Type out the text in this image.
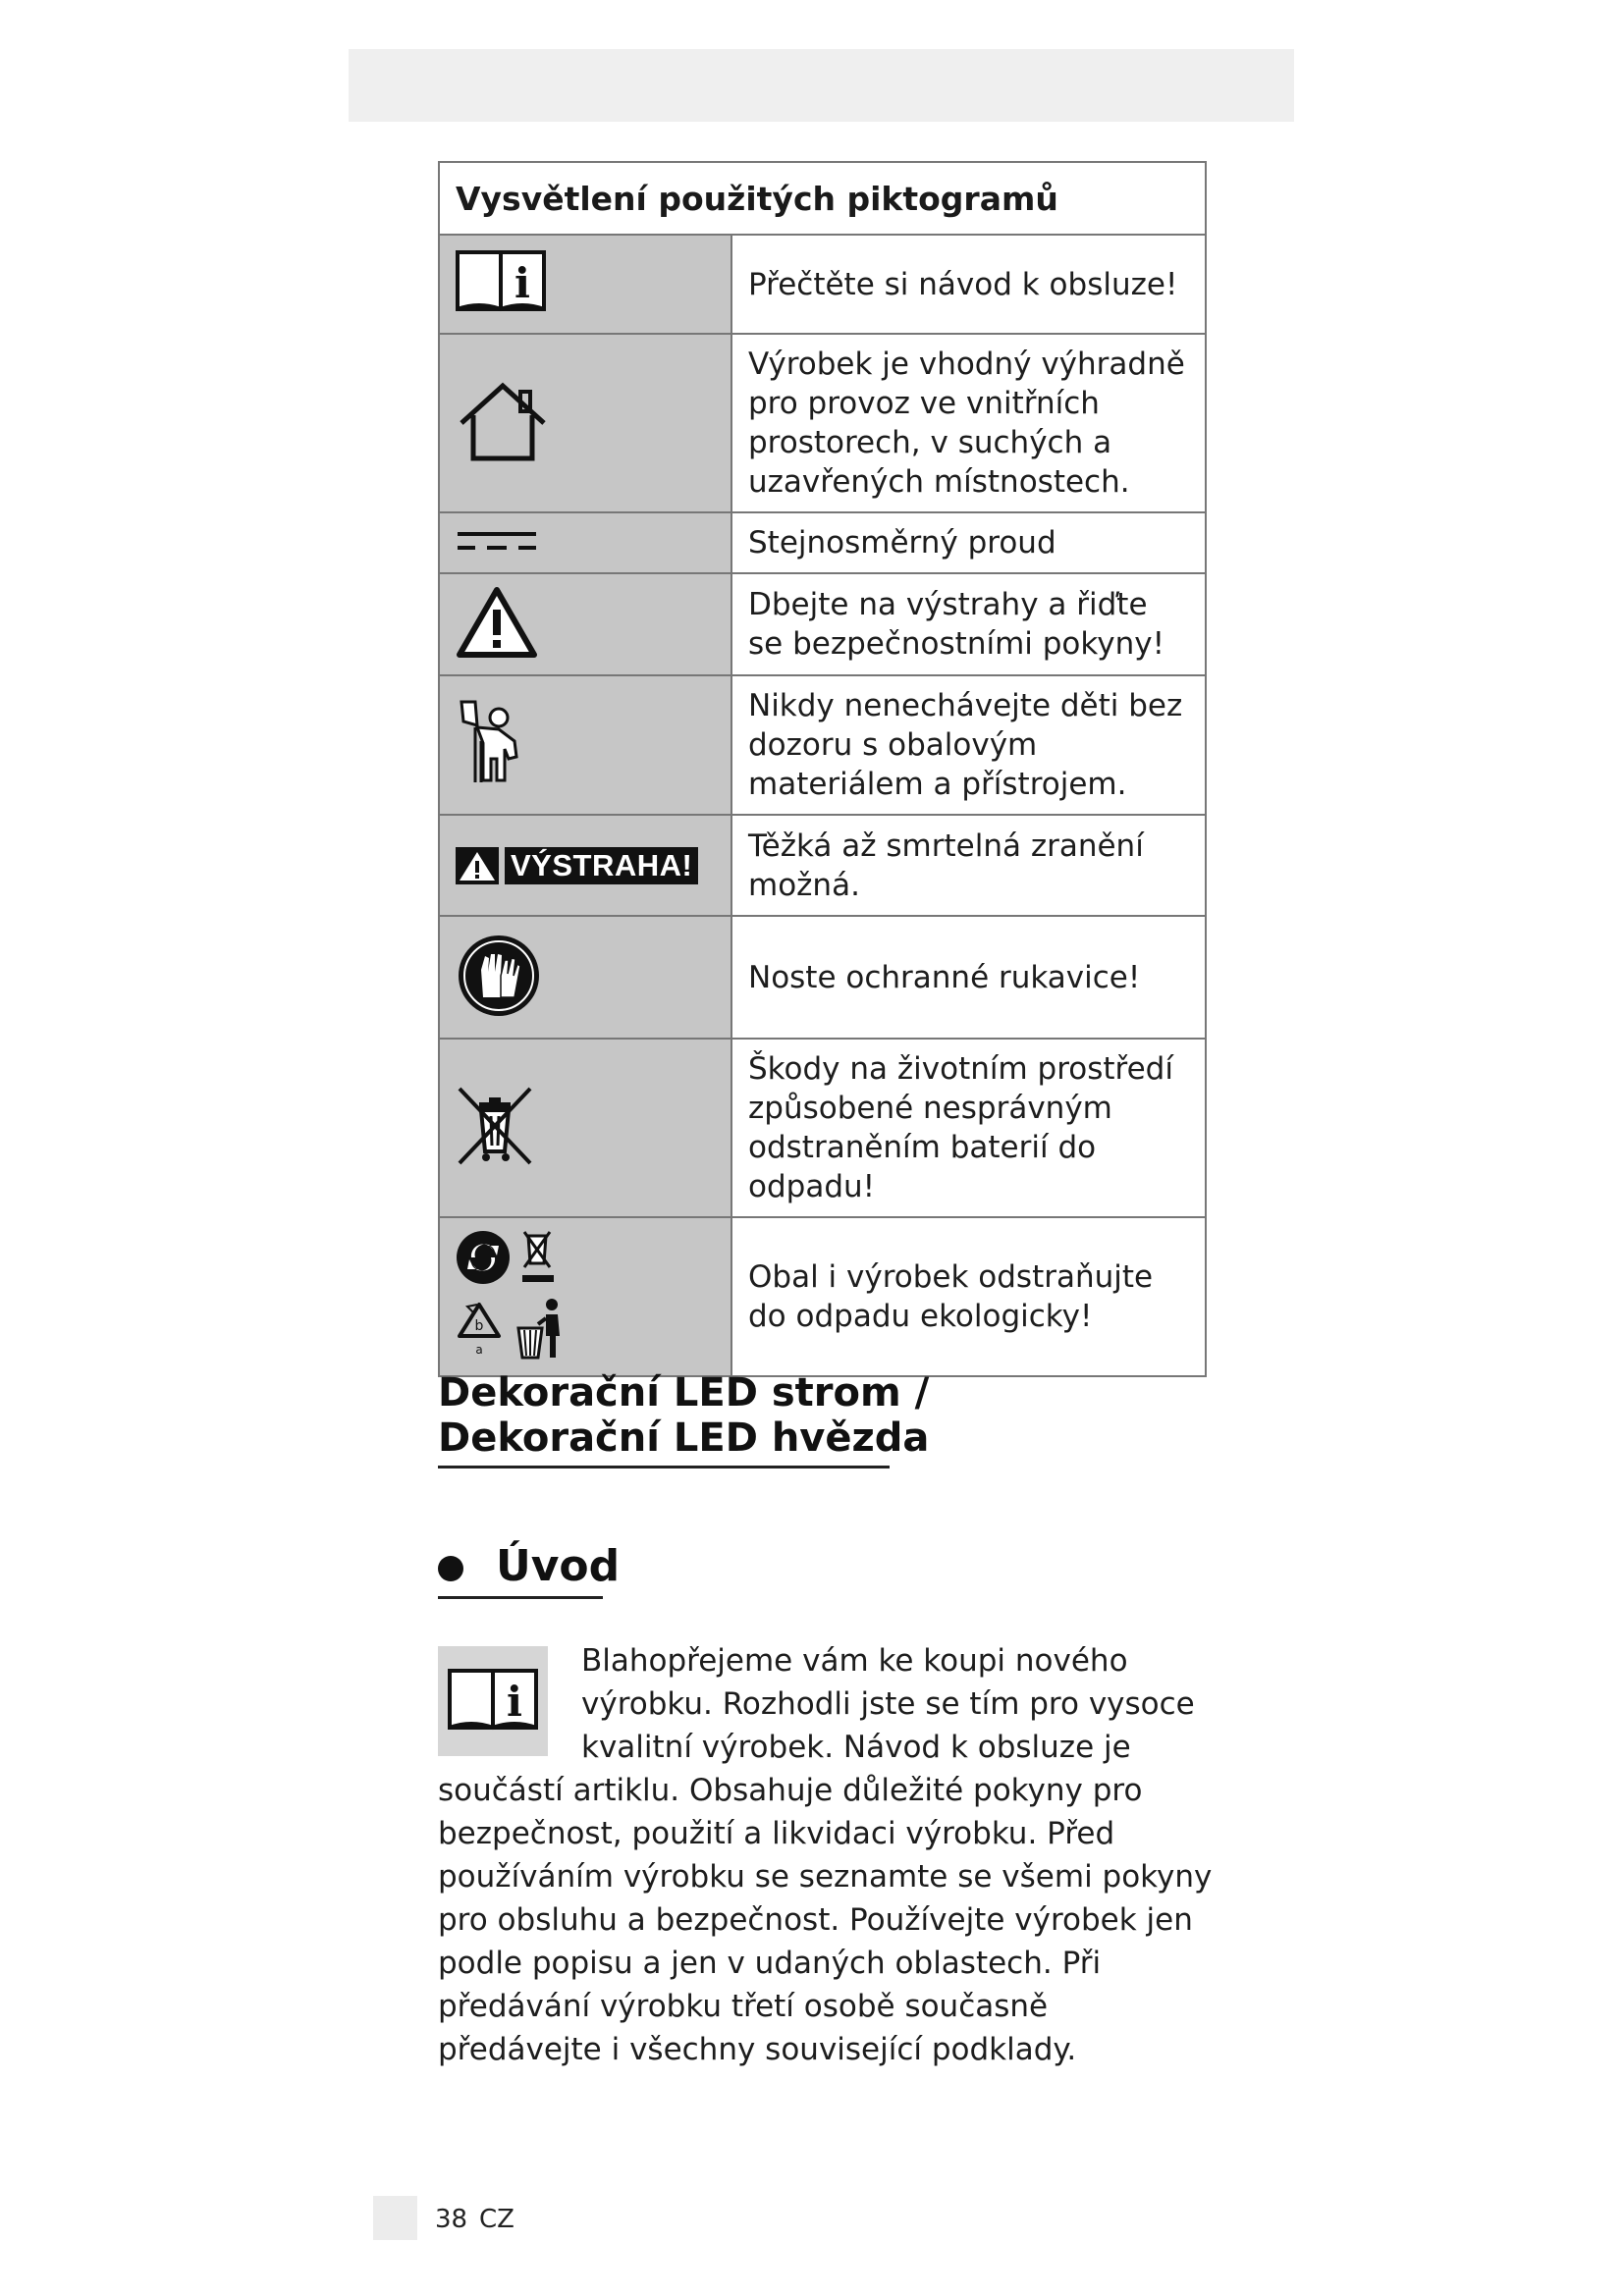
Vysvětlení použitých piktogramů	

i	Přečtěte si návod k obsluze!
	Výrobek je vhodný výhradně pro provoz ve vnitřních prostorech, v suchých a uzavřených místnostech.
	Stejnosměrný proud
	Dbejte na výstrahy a řiďte se bezpečnostními pokyny!
	Nikdy nenechávejte děti bez dozoru s obalovým materiálem a přístrojem.

VÝSTRAHA!	Těžká až smrtelná zranění možná.
	Noste ochranné rukavice!
	Škody na životním prostředí způsobené nesprávným odstraněním baterií do odpadu!

b
a	Obal i výrobek odstraňujte do odpadu ekologicky!
Dekorační LED strom /
Dekorační LED hvězda
Úvod
i
Blahopřejeme vám ke koupi nového výrobku. Rozhodli jste se tím pro vysoce kvalitní výrobek. Návod k obsluze je součástí artiklu. Obsahuje důležité pokyny pro bezpečnost, použití a likvidaci výrobku. Před používáním výrobku se seznamte se všemi pokyny pro obsluhu a bezpečnost. Používejte výrobek jen podle popisu a jen v udaných oblastech. Při předávání výrobku třetí osobě současně předávejte i všechny související podklady.
38 CZ
